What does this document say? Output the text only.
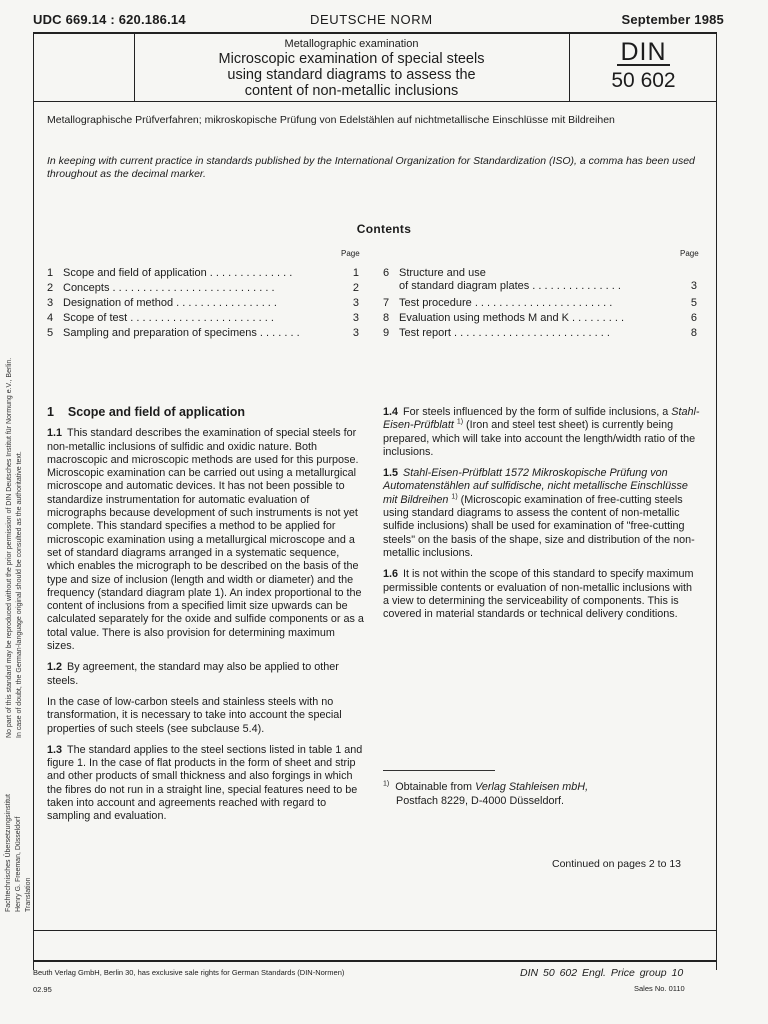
UDC 669.14 : 620.186.14	DEUTSCHE NORM	September 1985
Metallographic examination
Microscopic examination of special steels
using standard diagrams to assess the
content of non-metallic inclusions
DIN
50 602
Metallographische Prüfverfahren; mikroskopische Prüfung von Edelstählen auf nichtmetallische Einschlüsse mit Bildreihen
In keeping with current practice in standards published by the International Organization for Standardization (ISO), a comma has been used throughout as the decimal marker.
Contents
Page	Page
1 Scope and field of application . . . . . . . . . . . . . .	1
2 Concepts . . . . . . . . . . . . . . . . . . . . . . . . . . .	2
3 Designation of method . . . . . . . . . . . . . . . . .	3
4 Scope of test . . . . . . . . . . . . . . . . . . . . . . . .	3
5 Sampling and preparation of specimens . . . . . . .	3
6 Structure and use
of standard diagram plates . . . . . . . . . . . . . . .	3
7 Test procedure . . . . . . . . . . . . . . . . . . . . . . .	5
8 Evaluation using methods M and K . . . . . . . . .	6
9 Test report . . . . . . . . . . . . . . . . . . . . . . . . . .	8
1 Scope and field of application

1.1 This standard describes the examination of special steels for non-metallic inclusions of sulfidic and oxidic nature. Both macroscopic and microscopic methods are used for this purpose. Microscopic examination can be carried out using a metallurgical microscope and automatic devices. It has not been possible to standardize instrumentation for automatic evaluation of micrographs because development of such instruments is not yet complete. This standard specifies a method to be applied for microscopic examination using a metallurgical microscope and a set of standard diagrams arranged in a systematic sequence, which enables the micrograph to be described on the basis of the type and size of inclusion (length and width or diameter) and the frequency (standard diagram plate 1). An index proportional to the content of inclusions from a specified limit size upwards can be calculated separately for the oxide and sulfide components or as a total value. There is also provision for determining maximum sizes.

1.2 By agreement, the standard may also be applied to other steels.

In the case of low-carbon steels and stainless steels with no transformation, it is necessary to take into account the special properties of such steels (see subclause 5.4).

1.3 The standard applies to the steel sections listed in table 1 and figure 1. In the case of flat products in the form of sheet and strip and other products of small thickness and also forgings in which the fibres do not run in a straight line, special features need to be taken into account and agreements reached with regard to sampling and evaluation.

1.4 For steels influenced by the form of sulfide inclusions, a Stahl-Eisen-Prüfblatt $^{1)}$ (Iron and steel test sheet) is currently being prepared, which will take into account the length/width ratio of the inclusions.

1.5 Stahl-Eisen-Prüfblatt 1572 Mikroskopische Prüfung von Automatenstählen auf sulfidische, nicht metallische Einschlüsse mit Bildreihen $^{1)}$ (Microscopic examination of free-cutting steels using standard diagrams to assess the content of non-metallic sulfide inclusions) shall be used for examination of "free-cutting steels" on the basis of the shape, size and distribution of the non-metallic inclusions.

1.6 It is not within the scope of this standard to specify maximum permissible contents or evaluation of non-metallic inclusions with a view to determining the serviceability of components. This is covered in material standards or technical delivery conditions.

$^{1)}$ Obtainable from Verlag Stahleisen mbH,
Postfach 8229, D-4000 Düsseldorf.
Continued on pages 2 to 13
Beuth Verlag GmbH, Berlin 30, has exclusive sale rights for German Standards (DIN-Normen)
02.95
DIN 50 602 Engl. Price group 10
Sales No. 0110
No part of this standard may be reproduced without the prior permission of DIN Deutsches Institut für Normung e.V., Berlin. In case of doubt, the German-language original should be consulted as the authoritative text.
Fachtechnisches Übersetzungsinstitut Henry G. Freeman, Düsseldorf Translation
